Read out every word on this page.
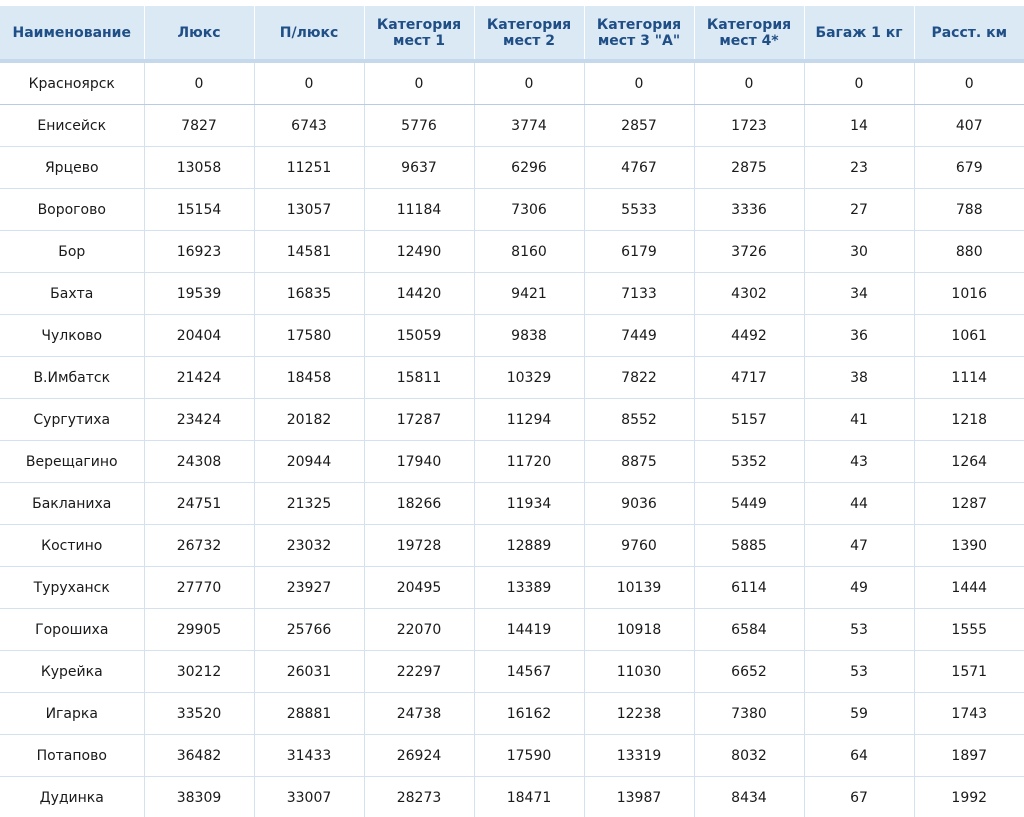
Наименование	Люкс	П/люкс	Категория мест 1	Категория мест 2	Категория мест 3 "А"	Категория мест 4*	Багаж 1 кг	Расст. км
Красноярск	0	0	0	0	0	0	0	0
Енисейск	7827	6743	5776	3774	2857	1723	14	407
Ярцево	13058	11251	9637	6296	4767	2875	23	679
Ворогово	15154	13057	11184	7306	5533	3336	27	788
Бор	16923	14581	12490	8160	6179	3726	30	880
Бахта	19539	16835	14420	9421	7133	4302	34	1016
Чулково	20404	17580	15059	9838	7449	4492	36	1061
В.Имбатск	21424	18458	15811	10329	7822	4717	38	1114
Сургутиха	23424	20182	17287	11294	8552	5157	41	1218
Верещагино	24308	20944	17940	11720	8875	5352	43	1264
Бакланиха	24751	21325	18266	11934	9036	5449	44	1287
Костино	26732	23032	19728	12889	9760	5885	47	1390
Туруханск	27770	23927	20495	13389	10139	6114	49	1444
Горошиха	29905	25766	22070	14419	10918	6584	53	1555
Курейка	30212	26031	22297	14567	11030	6652	53	1571
Игарка	33520	28881	24738	16162	12238	7380	59	1743
Потапово	36482	31433	26924	17590	13319	8032	64	1897
Дудинка	38309	33007	28273	18471	13987	8434	67	1992
